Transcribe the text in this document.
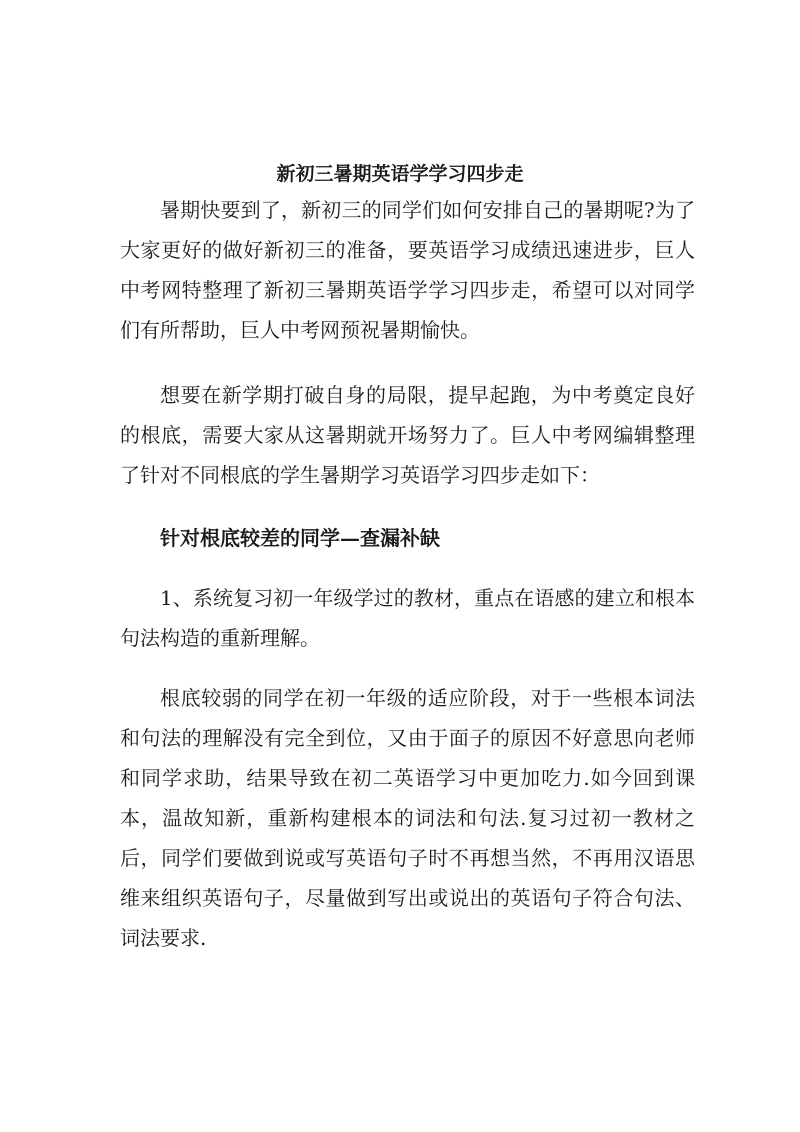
新初三暑期英语学学习四步走

暑期快要到了，新初三的同学们如何安排自己的暑期呢?为了大家更好的做好新初三的准备，要英语学习成绩迅速进步，巨人中考网特整理了新初三暑期英语学学习四步走，希望可以对同学们有所帮助，巨人中考网预祝暑期愉快。

想要在新学期打破自身的局限，提早起跑，为中考奠定良好的根底，需要大家从这暑期就开场努力了。巨人中考网编辑整理了针对不同根底的学生暑期学习英语学习四步走如下：

针对根底较差的同学—查漏补缺

1、系统复习初一年级学过的教材，重点在语感的建立和根本句法构造的重新理解。

根底较弱的同学在初一年级的适应阶段，对于一些根本词法和句法的理解没有完全到位，又由于面子的原因不好意思向老师和同学求助，结果导致在初二英语学习中更加吃力.如今回到课本，温故知新，重新构建根本的词法和句法.复习过初一教材之后，同学们要做到说或写英语句子时不再想当然，不再用汉语思维来组织英语句子，尽量做到写出或说出的英语句子符合句法、词法要求.
